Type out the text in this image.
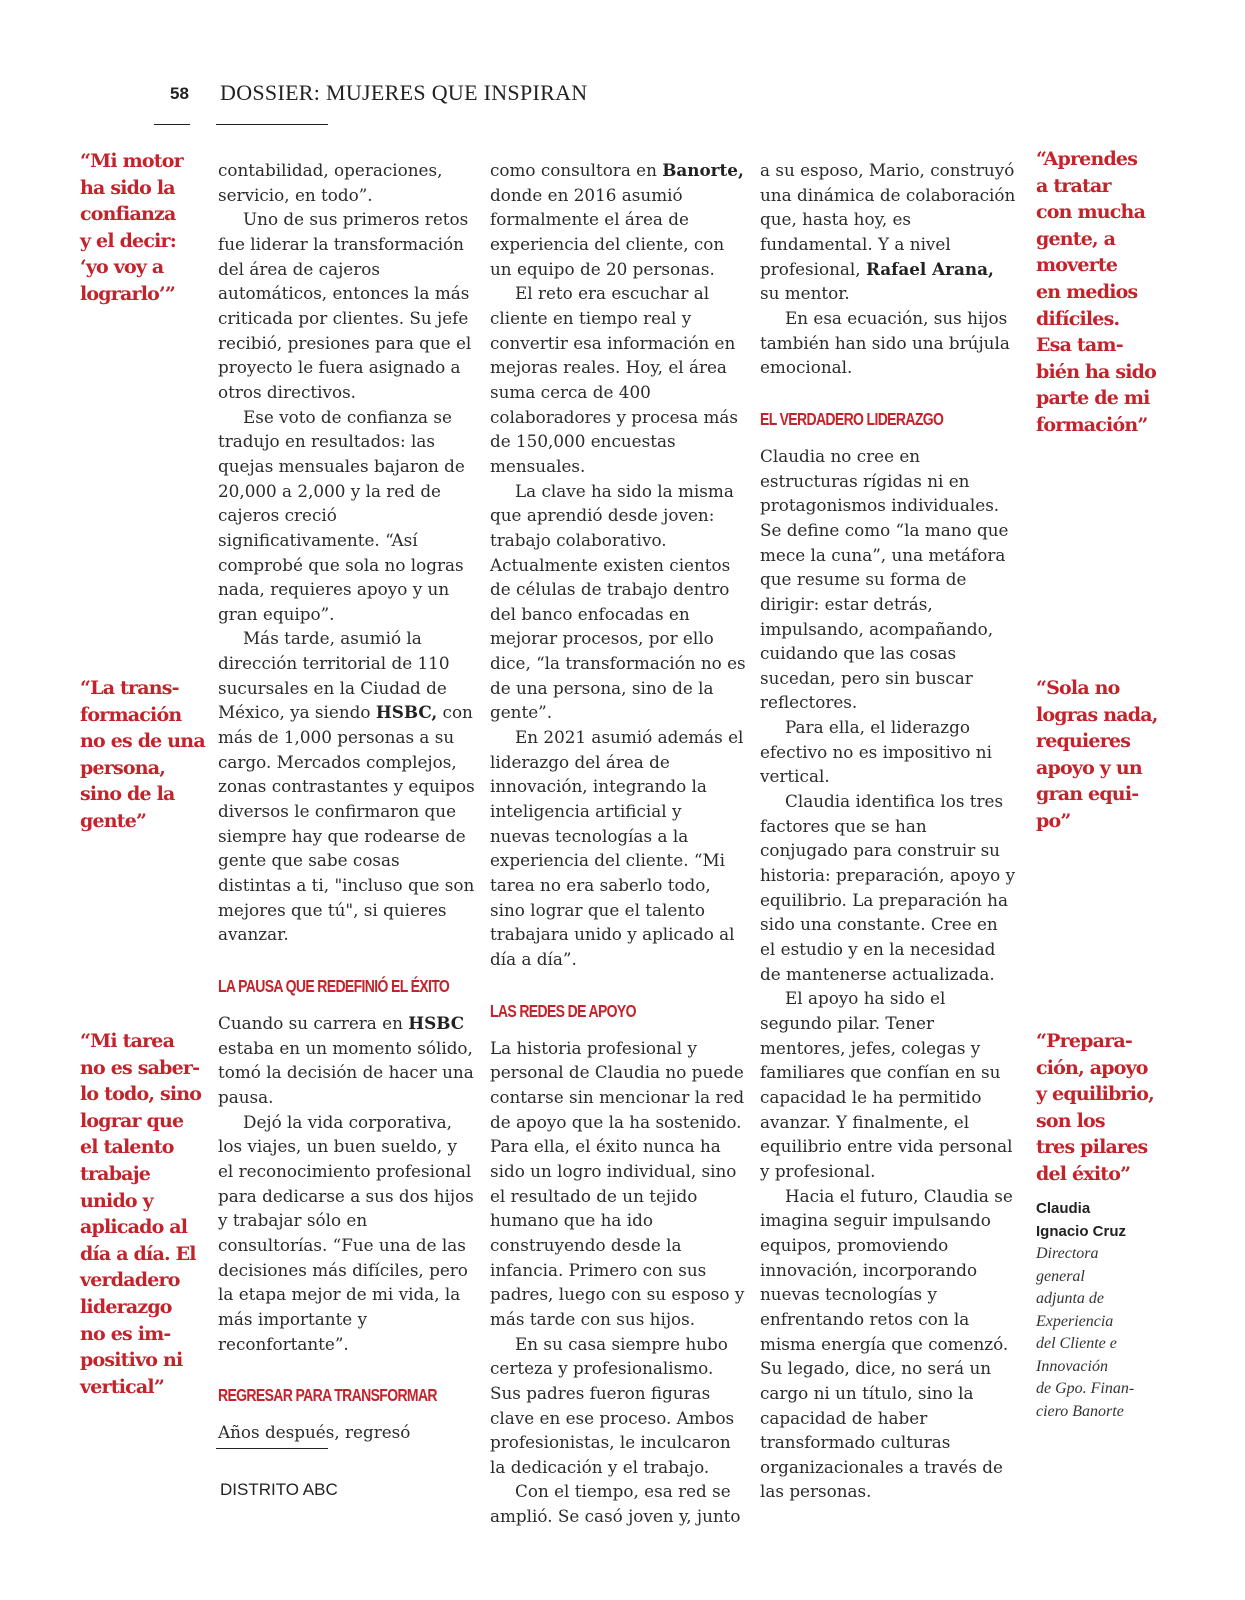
58 DOSSIER: MUJERES QUE INSPIRAN
“Mi motor
ha sido la
confianza
y el decir:
‘yo voy a
lograrlo’”
“La trans-
formación
no es de una
persona,
sino de la
gente”
“Mi tarea
no es saber-
lo todo, sino
lograr que
el talento
trabaje
unido y
aplicado al
día a día. El
verdadero
liderazgo
no es im-
positivo ni
vertical”
“Aprendes
a tratar
con mucha
gente, a
moverte
en medios
difíciles.
Esa tam-
bién ha sido
parte de mi
formación”
“Sola no
logras nada,
requieres
apoyo y un
gran equi-
po”
“Prepara-
ción, apoyo
y equilibrio,
son los
tres pilares
del éxito”
Claudia
Ignacio Cruz
Directora
general
adjunta de
Experiencia
del Cliente e
Innovación
de Gpo. Finan-
ciero Banorte

contabilidad, operaciones, servicio, en todo”.

Uno de sus primeros retos fue liderar la transformación del área de cajeros automáticos, entonces la más criticada por clientes. Su jefe recibió, presiones para que el proyecto le fuera asignado a otros directivos.

Ese voto de confianza se tradujo en resultados: las quejas mensuales bajaron de 20,000 a 2,000 y la red de cajeros creció significativamente. “Así comprobé que sola no logras nada, requieres apoyo y un gran equipo”.

Más tarde, asumió la dirección territorial de 110 sucursales en la Ciudad de México, ya siendo HSBC, con más de 1,000 personas a su cargo. Mercados complejos, zonas contrastantes y equipos diversos le confirmaron que siempre hay que rodearse de gente que sabe cosas distintas a ti, "incluso que son mejores que tú", si quieres avanzar.

LA PAUSA QUE REDEFINIÓ EL ÉXITO

Cuando su carrera en HSBC estaba en un momento sólido, tomó la decisión de hacer una pausa.

Dejó la vida corporativa, los viajes, un buen sueldo, y el reconocimiento profesional para dedicarse a sus dos hijos y trabajar sólo en consultorías. “Fue una de las decisiones más difíciles, pero la etapa mejor de mi vida, la más importante y reconfortante”.

REGRESAR PARA TRANSFORMAR

Años después, regresó

como consultora en Banorte, donde en 2016 asumió formalmente el área de experiencia del cliente, con un equipo de 20 personas.

El reto era escuchar al cliente en tiempo real y convertir esa información en mejoras reales. Hoy, el área suma cerca de 400 colaboradores y procesa más de 150,000 encuestas mensuales.

La clave ha sido la misma que aprendió desde joven: trabajo colaborativo. Actualmente existen cientos de células de trabajo dentro del banco enfocadas en mejorar procesos, por ello dice, “la transformación no es de una persona, sino de la gente”.

En 2021 asumió además el liderazgo del área de innovación, integrando la inteligencia artificial y nuevas tecnologías a la experiencia del cliente. “Mi tarea no era saberlo todo, sino lograr que el talento trabajara unido y aplicado al día a día”.

LAS REDES DE APOYO

La historia profesional y personal de Claudia no puede contarse sin mencionar la red de apoyo que la ha sostenido. Para ella, el éxito nunca ha sido un logro individual, sino el resultado de un tejido humano que ha ido construyendo desde la infancia. Primero con sus padres, luego con su esposo y más tarde con sus hijos.

En su casa siempre hubo certeza y profesionalismo. Sus padres fueron figuras clave en ese proceso. Ambos profesionistas, le inculcaron la dedicación y el trabajo.

Con el tiempo, esa red se amplió. Se casó joven y, junto

a su esposo, Mario, construyó una dinámica de colaboración que, hasta hoy, es fundamental. Y a nivel profesional, Rafael Arana, su mentor.

En esa ecuación, sus hijos también han sido una brújula emocional.

EL VERDADERO LIDERAZGO

Claudia no cree en estructuras rígidas ni en protagonismos individuales. Se define como “la mano que mece la cuna”, una metáfora que resume su forma de dirigir: estar detrás, impulsando, acompañando, cuidando que las cosas sucedan, pero sin buscar reflectores.

Para ella, el liderazgo efectivo no es impositivo ni vertical.

Claudia identifica los tres factores que se han conjugado para construir su historia: preparación, apoyo y equilibrio. La preparación ha sido una constante. Cree en el estudio y en la necesidad de mantenerse actualizada.

El apoyo ha sido el segundo pilar. Tener mentores, jefes, colegas y familiares que confían en su capacidad le ha permitido avanzar. Y finalmente, el equilibrio entre vida personal y profesional.

Hacia el futuro, Claudia se imagina seguir impulsando equipos, promoviendo innovación, incorporando nuevas tecnologías y enfrentando retos con la misma energía que comenzó. Su legado, dice, no será un cargo ni un título, sino la capacidad de haber transformado culturas organizacionales a través de las personas.

DISTRITO ABC
